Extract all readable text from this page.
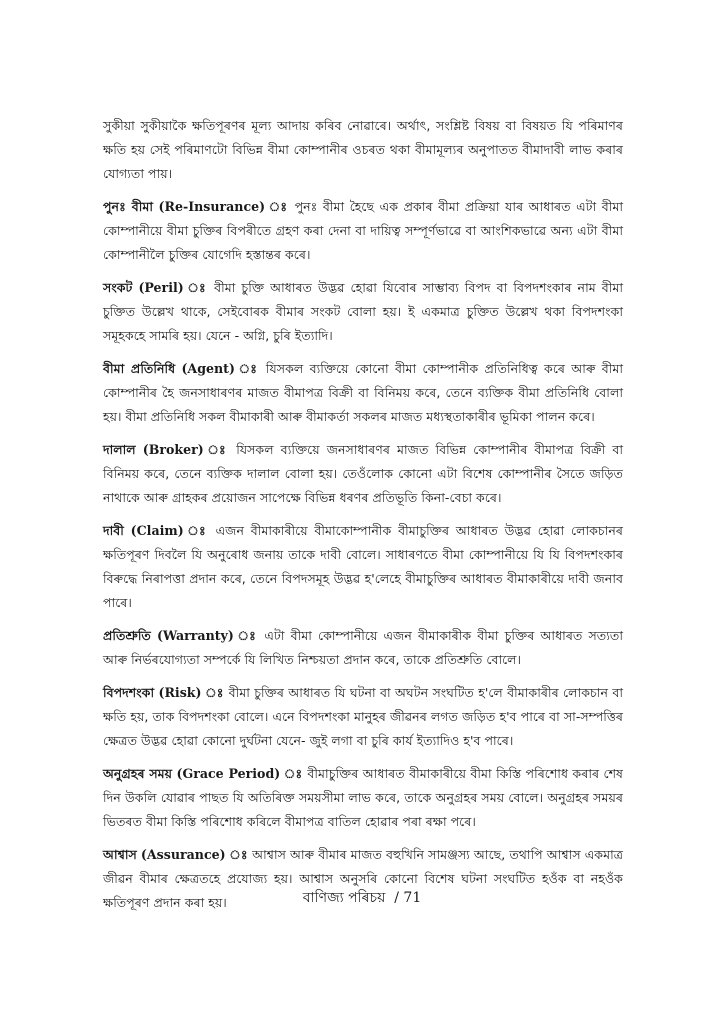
সুকীয়া সুকীয়াকৈ ক্ষতিপূৰণৰ মূল্য আদায় কৰিব নোৱাৰে। অৰ্থাৎ, সংশ্লিষ্ট বিষয় বা বিষয়ত যি পৰিমাণৰ ক্ষতি হয় সেই পৰিমাণটো বিভিন্ন বীমা কোম্পানীৰ ওচৰত থকা বীমামূল্যৰ অনুপাতত বীমাদাবী লাভ কৰাৰ যোগ্যতা পায়।

পুনঃ বীমা (Re-Insurance) ঃ পুনঃ বীমা হৈছে এক প্ৰকাৰ বীমা প্ৰক্ৰিয়া যাৰ আধাৰত এটা বীমা কোম্পানীয়ে বীমা চুক্তিৰ বিপৰীতে গ্ৰহণ কৰা দেনা বা দায়িত্ব সম্পূৰ্ণভাৱে বা আংশিকভাৱে অন্য এটা বীমা কোম্পানীলৈ চুক্তিৰ যোগেদি হস্তান্তৰ কৰে।

সংকট (Peril) ঃ বীমা চুক্তি আধাৰত উদ্ভৱ হোৱা যিবোৰ সাম্ভাব্য বিপদ বা বিপদশংকাৰ নাম বীমা চুক্তিত উল্লেখ থাকে, সেইবোৰক বীমাৰ সংকট বোলা হয়। ই একমাত্ৰ চুক্তিত উল্লেখ থকা বিপদশংকা সমূহকহে সামৰি হয়। যেনে - অগ্নি, চুৰি ইত্যাদি।

বীমা প্ৰতিনিধি (Agent) ঃ যিসকল ব্যক্তিয়ে কোনো বীমা কোম্পানীক প্ৰতিনিধিত্ব কৰে আৰু বীমা কোম্পানীৰ হৈ জনসাধাৰণৰ মাজত বীমাপত্ৰ বিক্ৰী বা বিনিময় কৰে, তেনে ব্যক্তিক বীমা প্ৰতিনিধি বোলা হয়। বীমা প্ৰতিনিধি সকল বীমাকাৰী আৰু বীমাকৰ্তা সকলৰ মাজত মধ্যস্থতাকাৰীৰ ভূমিকা পালন কৰে।

দালাল (Broker) ঃ যিসকল ব্যক্তিয়ে জনসাধাৰণৰ মাজত বিভিন্ন কোম্পানীৰ বীমাপত্ৰ বিক্ৰী বা বিনিময় কৰে, তেনে ব্যক্তিক দালাল বোলা হয়। তেওঁলোক কোনো এটা বিশেষ কোম্পানীৰ সৈতে জড়িত নাথাকে আৰু গ্ৰাহকৰ প্ৰয়োজন সাপেক্ষে বিভিন্ন ধৰণৰ প্ৰতিভূতি কিনা-বেচা কৰে।

দাবী (Claim) ঃ এজন বীমাকাৰীয়ে বীমাকোম্পানীক বীমাচুক্তিৰ আধাৰত উদ্ভৱ হোৱা লোকচানৰ ক্ষতিপূৰণ দিবলৈ যি অনুৰোধ জনায় তাকে দাবী বোলে। সাধাৰণতে বীমা কোম্পানীয়ে যি যি বিপদশংকাৰ বিৰুদ্ধে নিৰাপত্তা প্ৰদান কৰে, তেনে বিপদসমূহ উদ্ভৱ হ'লেহে বীমাচুক্তিৰ আধাৰত বীমাকাৰীয়ে দাবী জনাব পাৰে।

প্ৰতিশ্ৰুতি (Warranty) ঃ এটা বীমা কোম্পানীয়ে এজন বীমাকাৰীক বীমা চুক্তিৰ আধাৰত সত্যতা আৰু নিৰ্ভৰযোগ্যতা সম্পৰ্কে যি লিখিত নিশ্চয়তা প্ৰদান কৰে, তাকে প্ৰতিশ্ৰুতি বোলে।

বিপদশংকা (Risk) ঃ বীমা চুক্তিৰ আধাৰত যি ঘটনা বা অঘটন সংঘটিত হ'লে বীমাকাৰীৰ লোকচান বা ক্ষতি হয়, তাক বিপদশংকা বোলে। এনে বিপদশংকা মানুহৰ জীৱনৰ লগত জড়িত হ'ব পাৰে বা সা-সম্পত্তিৰ ক্ষেত্ৰত উদ্ভৱ হোৱা কোনো দুৰ্ঘটনা যেনে- জুই লগা বা চুৰি কাৰ্য ইত্যাদিও হ'ব পাৰে।

অনুগ্ৰহৰ সময় (Grace Period) ঃ বীমাচুক্তিৰ আধাৰত বীমাকাৰীয়ে বীমা কিস্তি পৰিশোধ কৰাৰ শেষ দিন উকলি যোৱাৰ পাছত যি অতিৰিক্ত সময়সীমা লাভ কৰে, তাকে অনুগ্ৰহৰ সময় বোলে। অনুগ্ৰহৰ সময়ৰ ভিতৰত বীমা কিস্তি পৰিশোধ কৰিলে বীমাপত্ৰ বাতিল হোৱাৰ পৰা ৰক্ষা পৰে।

আশ্বাস (Assurance) ঃ আশ্বাস আৰু বীমাৰ মাজত বহুখিনি সামঞ্জস্য আছে, তথাপি আশ্বাস একমাত্ৰ জীৱন বীমাৰ ক্ষেত্ৰতহে প্ৰযোজ্য হয়। আশ্বাস অনুসৰি কোনো বিশেষ ঘটনা সংঘটিত হওঁক বা নহওঁক ক্ষতিপূৰণ প্ৰদান কৰা হয়।	বাণিজ্য পৰিচয় / 71
